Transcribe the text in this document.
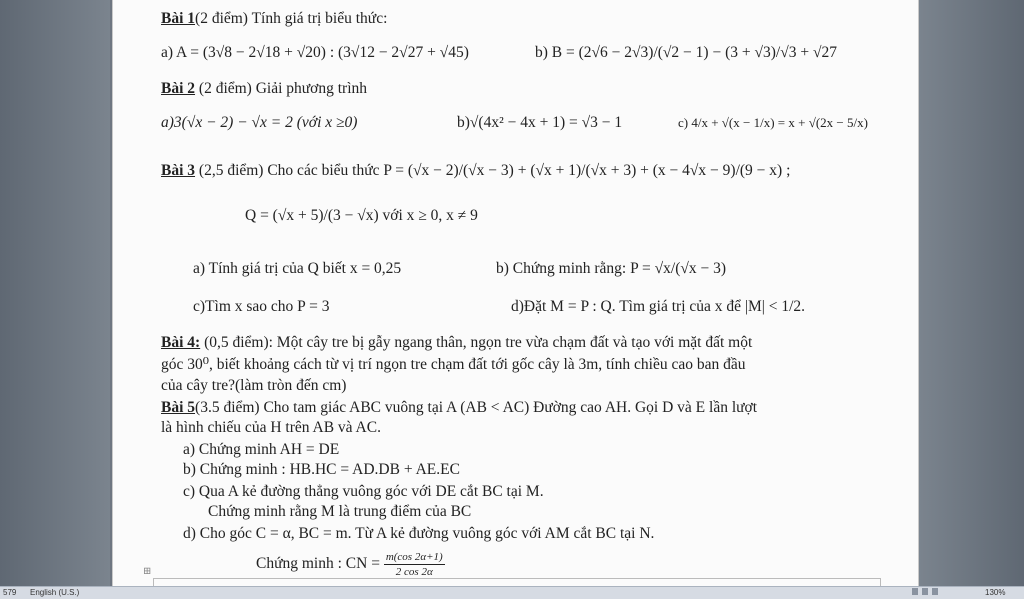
Bài 1(2 điểm) Tính giá trị biểu thức:
a) A = (3√8 − 2√18 + √20) : (3√12 − 2√27 + √45)	b) B = (2√6 − 2√3)/(√2 − 1) − (3 + √3)/√3 + √27
Bài 2 (2 điểm) Giải phương trình
a)3(√x − 2) − √x = 2 (với x ≥0)	b)√(4x² − 4x + 1) = √3 − 1	c) 4/x + √(x − 1/x) = x + √(2x − 5/x)
Bài 3 (2,5 điểm) Cho các biểu thức P = (√x − 2)/(√x − 3) + (√x + 1)/(√x + 3) + (x − 4√x − 9)/(9 − x) ;
Q = (√x + 5)/(3 − √x) với x ≥ 0, x ≠ 9
a) Tính giá trị của Q biết x = 0,25	b) Chứng minh rằng: P = √x/(√x − 3)
c)Tìm x sao cho P = 3	d)Đặt M = P : Q. Tìm giá trị của x để |M| < 1/2.
Bài 4: (0,5 điểm): Một cây tre bị gẫy ngang thân, ngọn tre vừa chạm đất và tạo với mặt đất một
góc 30⁰, biết khoảng cách từ vị trí ngọn tre chạm đất tới gốc cây là 3m, tính chiều cao ban đầu
của cây tre?(làm tròn đến cm)
Bài 5(3.5 điểm) Cho tam giác ABC vuông tại A (AB < AC) Đường cao AH. Gọi D và E lần lượt
là hình chiếu của H trên AB và AC.
a) Chứng minh AH = DE
b) Chứng minh : HB.HC = AD.DB + AE.EC
c) Qua A kẻ đường thẳng vuông góc với DE cắt BC tại M.
Chứng minh rằng M là trung điểm của BC
d) Cho góc C = α, BC = m. Từ A kẻ đường vuông góc với AM cắt BC tại N.
Chứng minh : CN = $\frac{m(\cos 2\alpha+1)}{2 \cos 2\alpha}$
⊞
579 English (U.S.)	130%
